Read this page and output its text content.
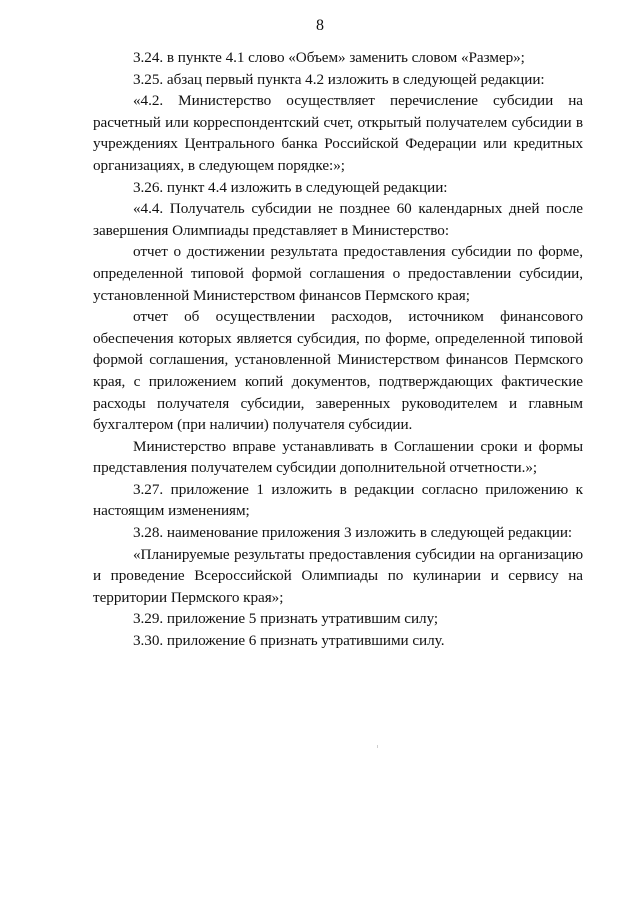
8

3.24. в пункте 4.1 слово «Объем» заменить словом «Размер»;

3.25. абзац первый пункта 4.2 изложить в следующей редакции:

«4.2. Министерство осуществляет перечисление субсидии на расчетный или корреспондентский счет, открытый получателем субсидии в учреждениях Центрального банка Российской Федерации или кредитных организациях, в следующем порядке:»;

3.26. пункт 4.4 изложить в следующей редакции:

«4.4. Получатель субсидии не позднее 60 календарных дней после завершения Олимпиады представляет в Министерство:

отчет о достижении результата предоставления субсидии по форме, определенной типовой формой соглашения о предоставлении субсидии, установленной Министерством финансов Пермского края;

отчет об осуществлении расходов, источником финансового обеспечения которых является субсидия, по форме, определенной типовой формой соглашения, установленной Министерством финансов Пермского края, с приложением копий документов, подтверждающих фактические расходы получателя субсидии, заверенных руководителем и главным бухгалтером (при наличии) получателя субсидии.

Министерство вправе устанавливать в Соглашении сроки и формы представления получателем субсидии дополнительной отчетности.»;

3.27. приложение 1 изложить в редакции согласно приложению к настоящим изменениям;

3.28. наименование приложения 3 изложить в следующей редакции:

«Планируемые результаты предоставления субсидии на организацию и проведение Всероссийской Олимпиады по кулинарии и сервису на территории Пермского края»;

3.29. приложение 5 признать утратившим силу;

3.30. приложение 6 признать утратившими силу.
